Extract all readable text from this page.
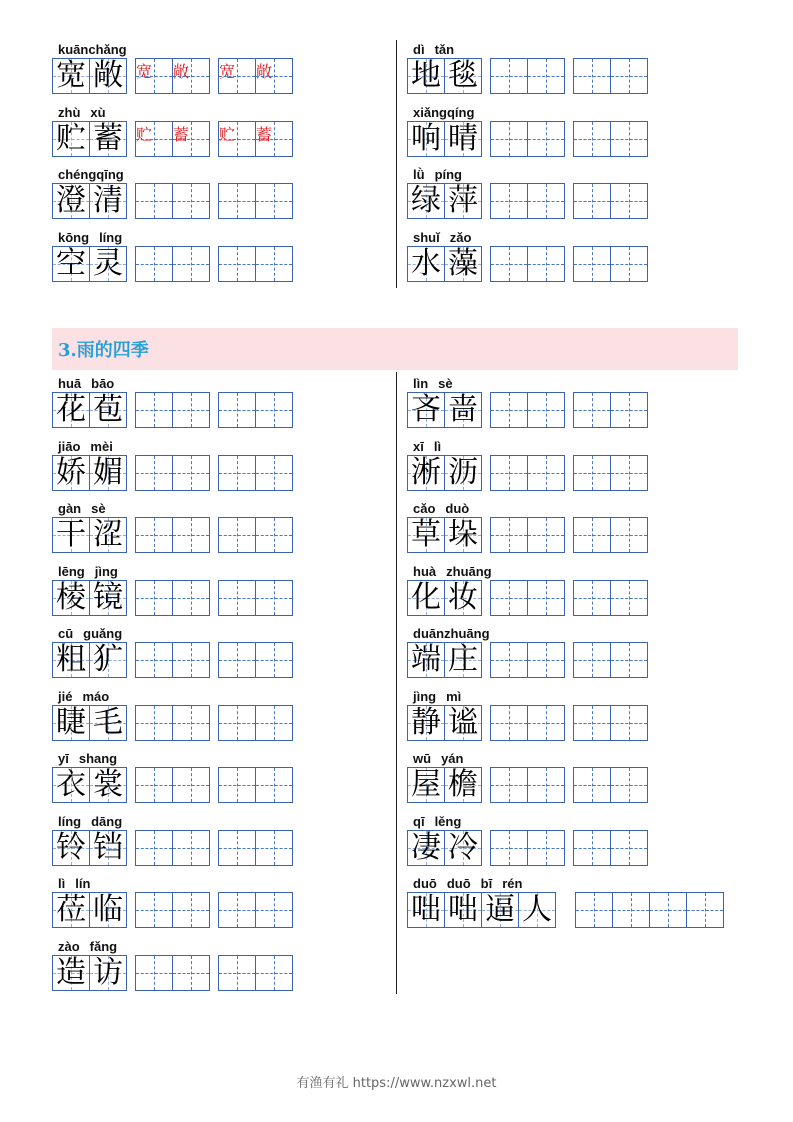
kuānchǎng
宽 敞 宽	敞	宽	敞
zhù xù
贮 蓄 贮	蓄	贮	蓄
chéngqīng
澄 清
kōng líng
空 灵
dì tǎn
地 毯
xiǎngqíng
响 晴
lǜ píng
绿 萍
shuǐ zǎo
水 藻
3.雨的四季
huā bāo
花 苞
jiāo mèi
娇 媚
gàn sè
干 涩
lēng jìng
棱 镜
cū guǎng
粗 犷
jié máo
睫 毛
yī shang
衣 裳
líng dāng
铃 铛
lì lín
莅 临
zào fǎng
造 访
lìn sè
吝 啬
xī lì
淅 沥
cǎo duò
草 垛
huà zhuāng
化 妆
duānzhuāng
端 庄
jìng mì
静 谧
wū yán
屋 檐
qī lěng
凄 冷
duō duō bī rén
咄 咄 逼 人
有渔有礼 https://www.nzxwl.net
